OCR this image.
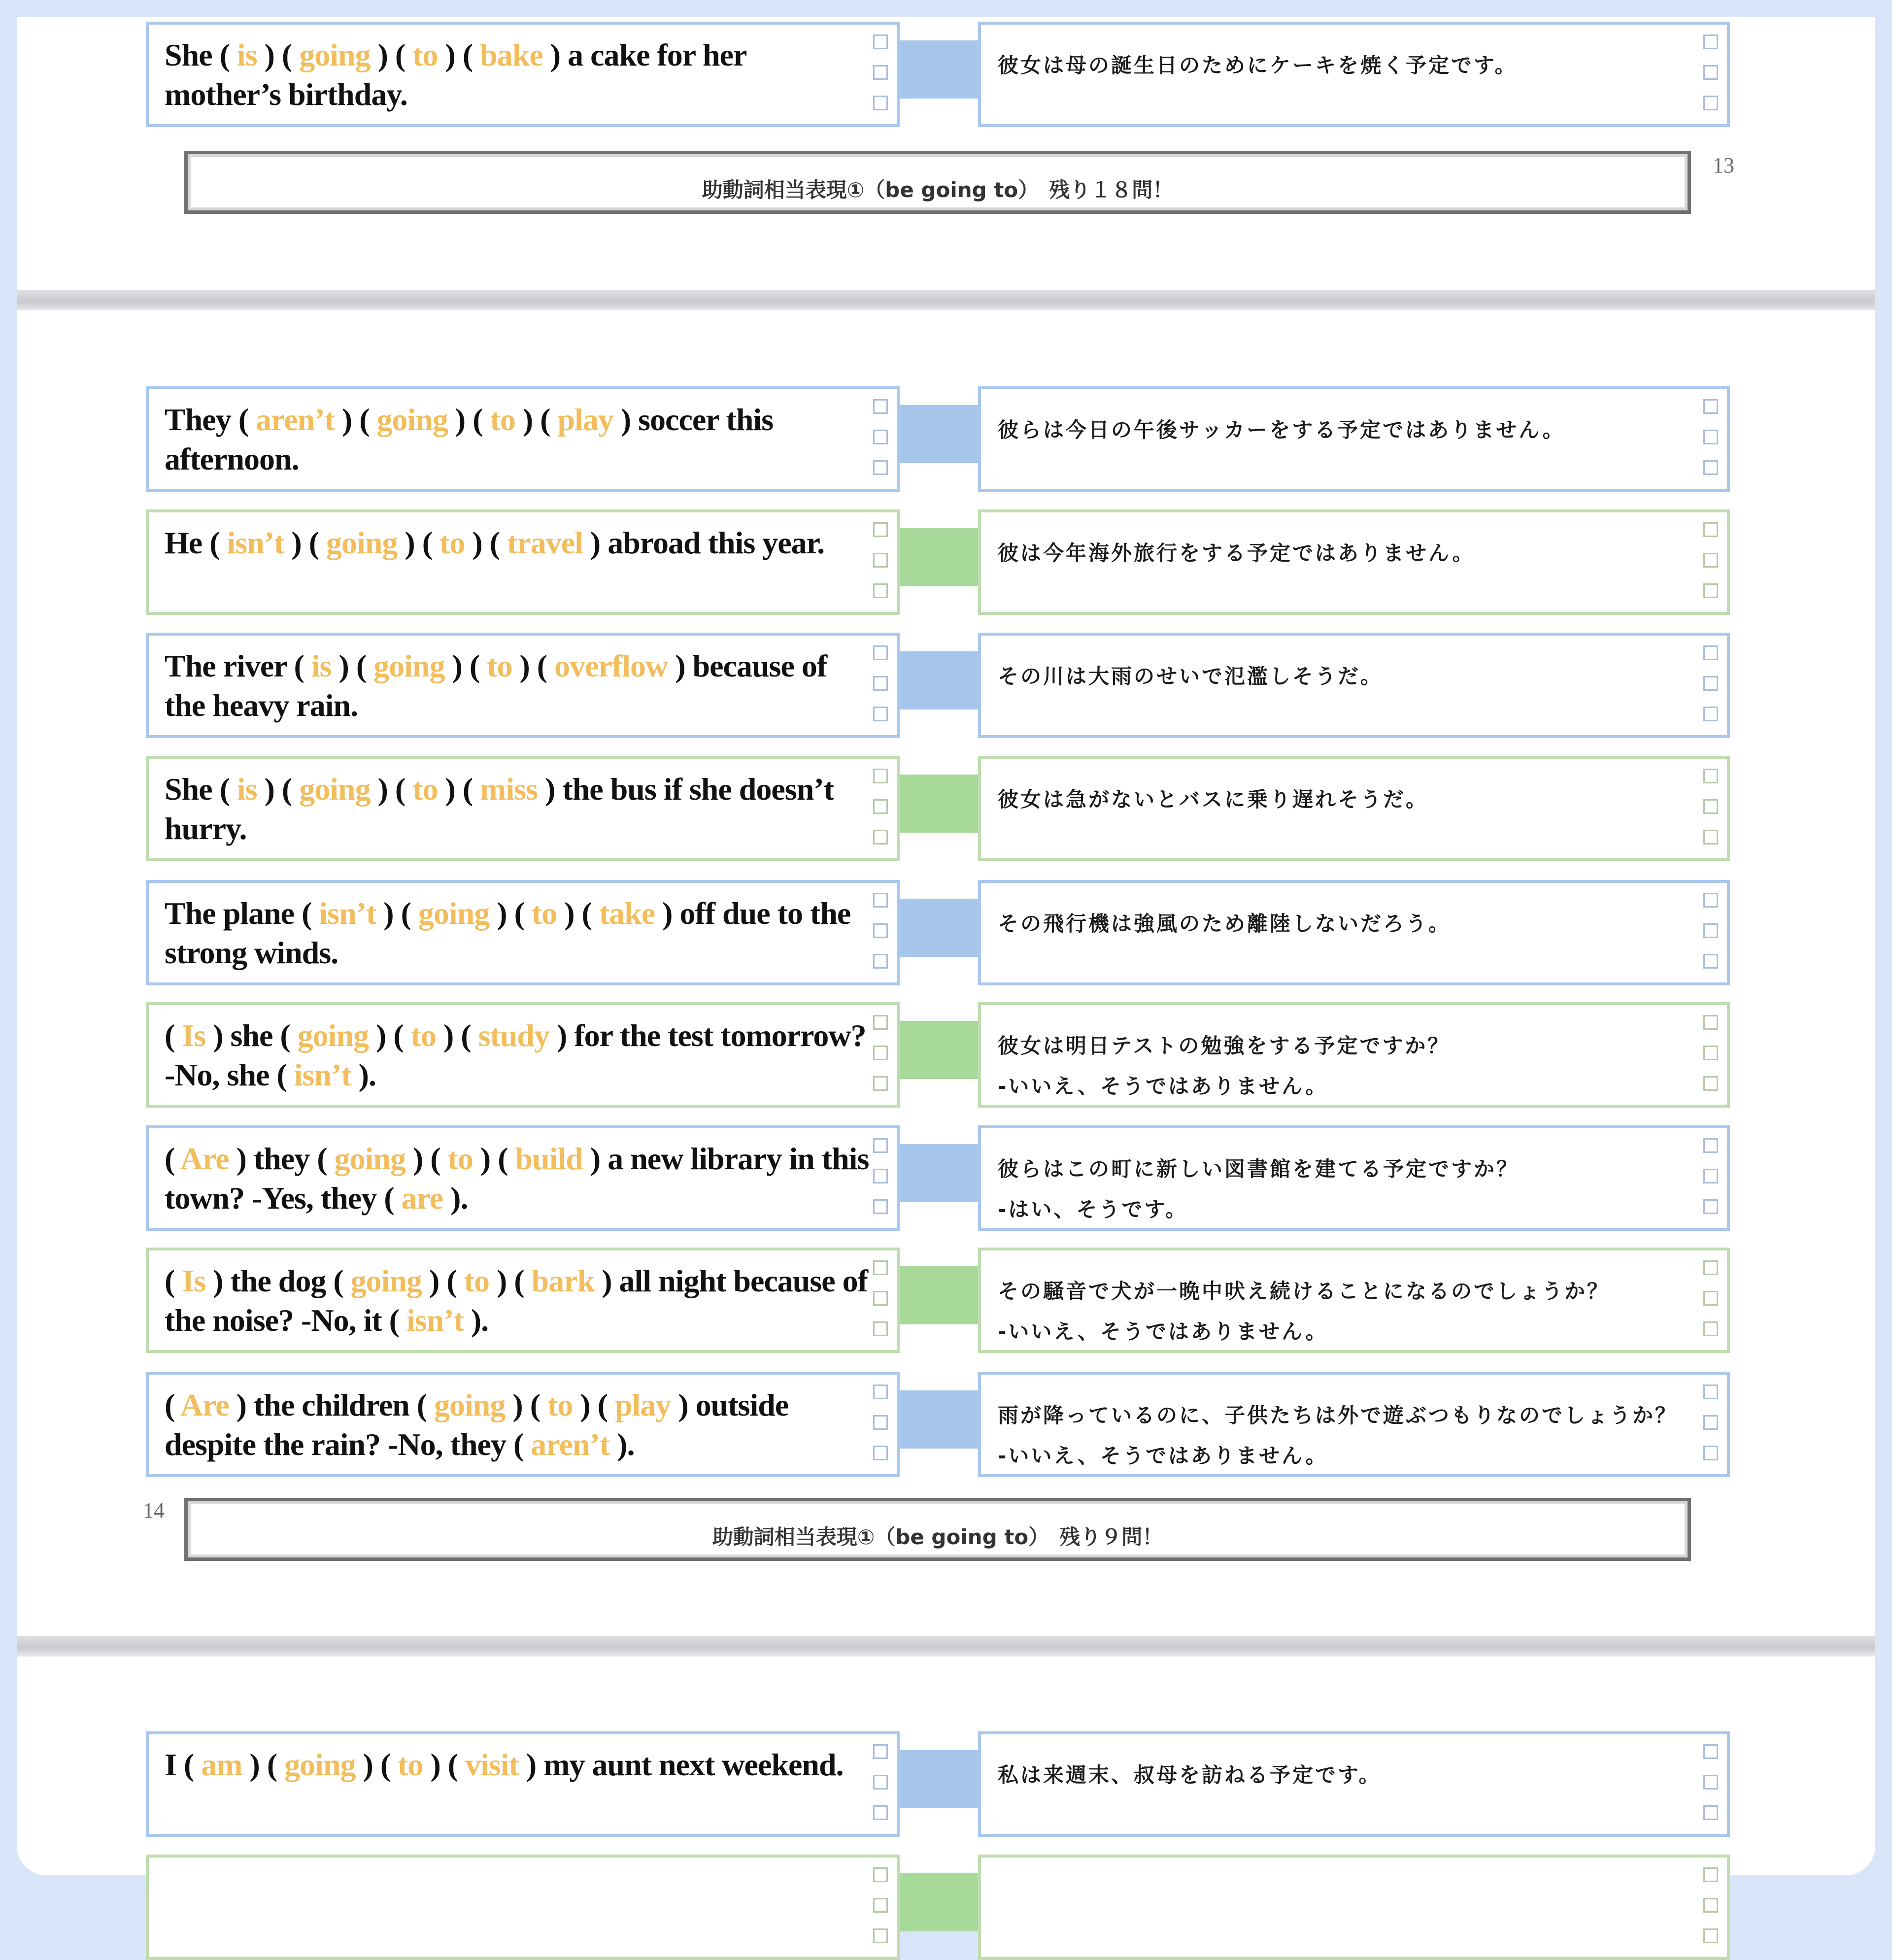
She ( is ) ( going ) ( to ) ( bake ) a cake for her mother’s birthday.
彼女は母の誕生日のためにケーキを焼く予定です。
They ( aren’t ) ( going ) ( to ) ( play ) soccer this afternoon.
彼らは今日の午後サッカーをする予定ではありません。
He ( isn’t ) ( going ) ( to ) ( travel ) abroad this year.	彼は今年海外旅行をする予定ではありません。
The river ( is ) ( going ) ( to ) ( overflow ) because of the heavy rain.
その川は大雨のせいで氾濫しそうだ。
She ( is ) ( going ) ( to ) ( miss ) the bus if she doesn’t hurry.
彼女は急がないとバスに乗り遅れそうだ。
The plane ( isn’t ) ( going ) ( to ) ( take ) off due to the strong winds.
その飛行機は強風のため離陸しないだろう。
( Is ) she ( going ) ( to ) ( study ) for the test tomorrow? -No, she ( isn’t ).
彼女は明日テストの勉強をする予定ですか？
-いいえ、そうではありません。
( Are ) they ( going ) ( to ) ( build ) a new library in this town? -Yes, they ( are ).
彼らはこの町に新しい図書館を建てる予定ですか？
-はい、そうです。
( Is ) the dog ( going ) ( to ) ( bark ) all night because of the noise? -No, it ( isn’t ).
その騒音で犬が一晩中吠え続けることになるのでしょうか？
-いいえ、そうではありません。
( Are ) the children ( going ) ( to ) ( play ) outside despite the rain? -No, they ( aren’t ).
雨が降っているのに、子供たちは外で遊ぶつもりなのでしょうか？
-いいえ、そうではありません。
I ( am ) ( going ) ( to ) ( visit ) my aunt next weekend.	私は来週末、叔母を訪ねる予定です。
助動詞相当表現①（be going to）　残り１８問！
13
助動詞相当表現①（be going to）　残り９問！
14
